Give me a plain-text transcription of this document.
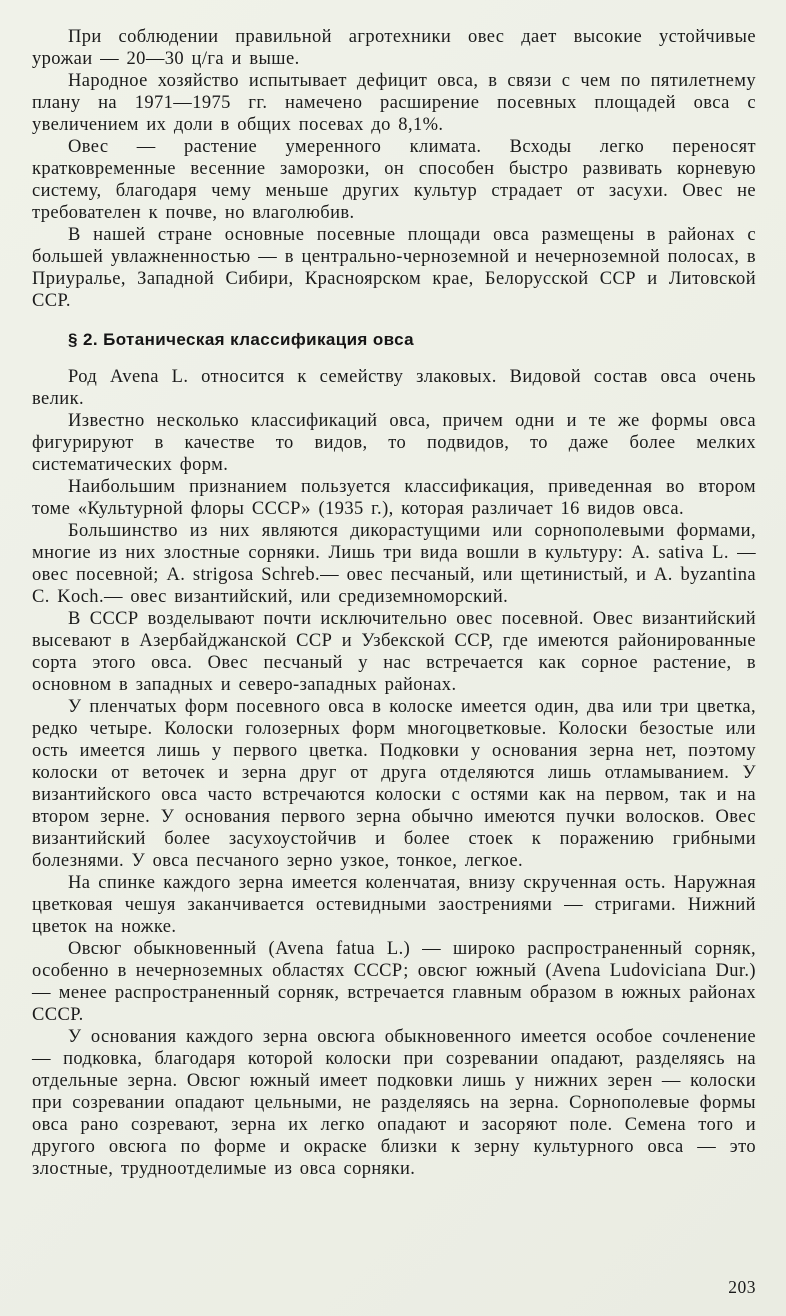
При соблюдении правильной агротехники овес дает высокие устойчивые урожаи — 20—30 ц/га и выше.

Народное хозяйство испытывает дефицит овса, в связи с чем по пятилетнему плану на 1971—1975 гг. намечено расширение посевных площадей овса с увеличением их доли в общих посевах до 8,1%.

Овес — растение умеренного климата. Всходы легко переносят кратковременные весенние заморозки, он способен быстро развивать корневую систему, благодаря чему меньше других культур страдает от засухи. Овес не требователен к почве, но влаголюбив.

В нашей стране основные посевные площади овса размещены в районах с большей увлажненностью — в центрально-черноземной и нечерноземной полосах, в Приуралье, Западной Сибири, Красноярском крае, Белорусской ССР и Литовской ССР.

§ 2. Ботаническая классификация овса

Род Avena L. относится к семейству злаковых. Видовой состав овса очень велик.

Известно несколько классификаций овса, причем одни и те же формы овса фигурируют в качестве то видов, то подвидов, то даже более мелких систематических форм.

Наибольшим признанием пользуется классификация, приведенная во втором томе «Культурной флоры СССР» (1935 г.), которая различает 16 видов овса.

Большинство из них являются дикорастущими или сорнополевыми формами, многие из них злостные сорняки. Лишь три вида вошли в культуру: A. sativa L. — овес посевной; A. strigosa Schreb.— овес песчаный, или щетинистый, и A. byzantina C. Koch.— овес византийский, или средиземноморский.

В СССР возделывают почти исключительно овес посевной. Овес византийский высевают в Азербайджанской ССР и Узбекской ССР, где имеются районированные сорта этого овса. Овес песчаный у нас встречается как сорное растение, в основном в западных и северо-западных районах.

У пленчатых форм посевного овса в колоске имеется один, два или три цветка, редко четыре. Колоски голозерных форм многоцветковые. Колоски безостые или ость имеется лишь у первого цветка. Подковки у основания зерна нет, поэтому колоски от веточек и зерна друг от друга отделяются лишь отламыванием. У византийского овса часто встречаются колоски с остями как на первом, так и на втором зерне. У основания первого зерна обычно имеются пучки волосков. Овес византийский более засухоустойчив и более стоек к поражению грибными болезнями. У овса песчаного зерно узкое, тонкое, легкое.

На спинке каждого зерна имеется коленчатая, внизу скрученная ость. Наружная цветковая чешуя заканчивается остевидными заострениями — стригами. Нижний цветок на ножке.

Овсюг обыкновенный (Avena fatua L.) — широко распространенный сорняк, особенно в нечерноземных областях СССР; овсюг южный (Avena Ludoviciana Dur.) — менее распространенный сорняк, встречается главным образом в южных районах СССР.

У основания каждого зерна овсюга обыкновенного имеется особое сочленение — подковка, благодаря которой колоски при созревании опадают, разделяясь на отдельные зерна. Овсюг южный имеет подковки лишь у нижних зерен — колоски при созревании опадают цельными, не разделяясь на зерна. Сорнополевые формы овса рано созревают, зерна их легко опадают и засоряют поле. Семена того и другого овсюга по форме и окраске близки к зерну культурного овса — это злостные, трудноотделимые из овса сорняки.

203
